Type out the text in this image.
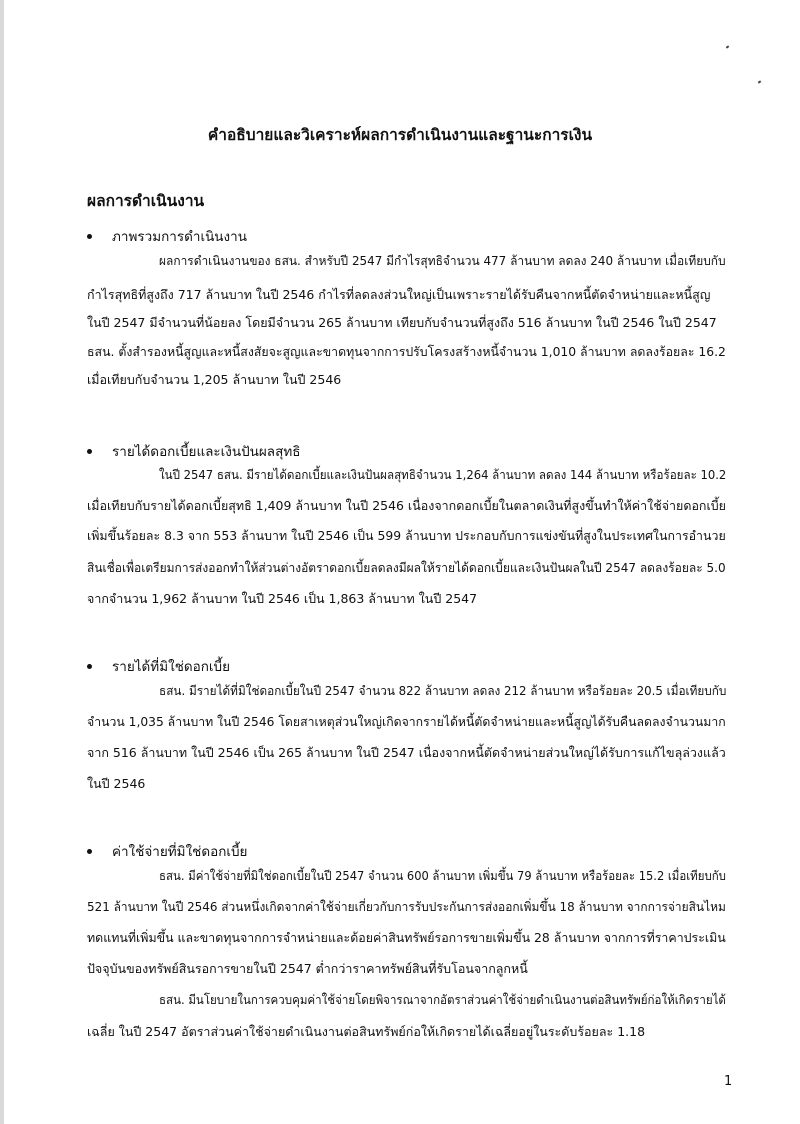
คำอธิบายและวิเคราะห์ผลการดำเนินงานและฐานะการเงิน
ผลการดำเนินงาน
ภาพรวมการดำเนินงาน
ผลการดำเนินงานของ ธสน. สำหรับปี 2547 มีกำไรสุทธิจำนวน 477 ล้านบาท ลดลง 240 ล้านบาท เมื่อเทียบกับ
กำไรสุทธิที่สูงถึง 717 ล้านบาท ในปี 2546 กำไรที่ลดลงส่วนใหญ่เป็นเพราะรายได้รับคืนจากหนี้ตัดจำหน่ายและหนี้สูญ
ในปี 2547 มีจำนวนที่น้อยลง โดยมีจำนวน 265 ล้านบาท เทียบกับจำนวนที่สูงถึง 516 ล้านบาท ในปี 2546 ในปี 2547
ธสน. ตั้งสำรองหนี้สูญและหนี้สงสัยจะสูญและขาดทุนจากการปรับโครงสร้างหนี้จำนวน 1,010 ล้านบาท ลดลงร้อยละ 16.2
เมื่อเทียบกับจำนวน 1,205 ล้านบาท ในปี 2546
รายได้ดอกเบี้ยและเงินปันผลสุทธิ
ในปี 2547 ธสน. มีรายได้ดอกเบี้ยและเงินปันผลสุทธิจำนวน 1,264 ล้านบาท ลดลง 144 ล้านบาท หรือร้อยละ 10.2
เมื่อเทียบกับรายได้ดอกเบี้ยสุทธิ 1,409 ล้านบาท ในปี 2546 เนื่องจากดอกเบี้ยในตลาดเงินที่สูงขึ้นทำให้ค่าใช้จ่ายดอกเบี้ย
เพิ่มขึ้นร้อยละ 8.3 จาก 553 ล้านบาท ในปี 2546 เป็น 599 ล้านบาท ประกอบกับการแข่งขันที่สูงในประเทศในการอำนวย
สินเชื่อเพื่อเตรียมการส่งออกทำให้ส่วนต่างอัตราดอกเบี้ยลดลงมีผลให้รายได้ดอกเบี้ยและเงินปันผลในปี 2547 ลดลงร้อยละ 5.0
จากจำนวน 1,962 ล้านบาท ในปี 2546 เป็น 1,863 ล้านบาท ในปี 2547
รายได้ที่มิใช่ดอกเบี้ย
ธสน. มีรายได้ที่มิใช่ดอกเบี้ยในปี 2547 จำนวน 822 ล้านบาท ลดลง 212 ล้านบาท หรือร้อยละ 20.5 เมื่อเทียบกับ
จำนวน 1,035 ล้านบาท ในปี 2546 โดยสาเหตุส่วนใหญ่เกิดจากรายได้หนี้ตัดจำหน่ายและหนี้สูญได้รับคืนลดลงจำนวนมาก
จาก 516 ล้านบาท ในปี 2546 เป็น 265 ล้านบาท ในปี 2547 เนื่องจากหนี้ตัดจำหน่ายส่วนใหญ่ได้รับการแก้ไขลุล่วงแล้ว
ในปี 2546
ค่าใช้จ่ายที่มิใช่ดอกเบี้ย
ธสน. มีค่าใช้จ่ายที่มิใช่ดอกเบี้ยในปี 2547 จำนวน 600 ล้านบาท เพิ่มขึ้น 79 ล้านบาท หรือร้อยละ 15.2 เมื่อเทียบกับ
521 ล้านบาท ในปี 2546 ส่วนหนึ่งเกิดจากค่าใช้จ่ายเกี่ยวกับการรับประกันการส่งออกเพิ่มขึ้น 18 ล้านบาท จากการจ่ายสินไหม
ทดแทนที่เพิ่มขึ้น และขาดทุนจากการจำหน่ายและด้อยค่าสินทรัพย์รอการขายเพิ่มขึ้น 28 ล้านบาท จากการที่ราคาประเมิน
ปัจจุบันของทรัพย์สินรอการขายในปี 2547 ต่ำกว่าราคาทรัพย์สินที่รับโอนจากลูกหนี้
ธสน. มีนโยบายในการควบคุมค่าใช้จ่ายโดยพิจารณาจากอัตราส่วนค่าใช้จ่ายดำเนินงานต่อสินทรัพย์ก่อให้เกิดรายได้
เฉลี่ย ในปี 2547 อัตราส่วนค่าใช้จ่ายดำเนินงานต่อสินทรัพย์ก่อให้เกิดรายได้เฉลี่ยอยู่ในระดับร้อยละ 1.18
1
